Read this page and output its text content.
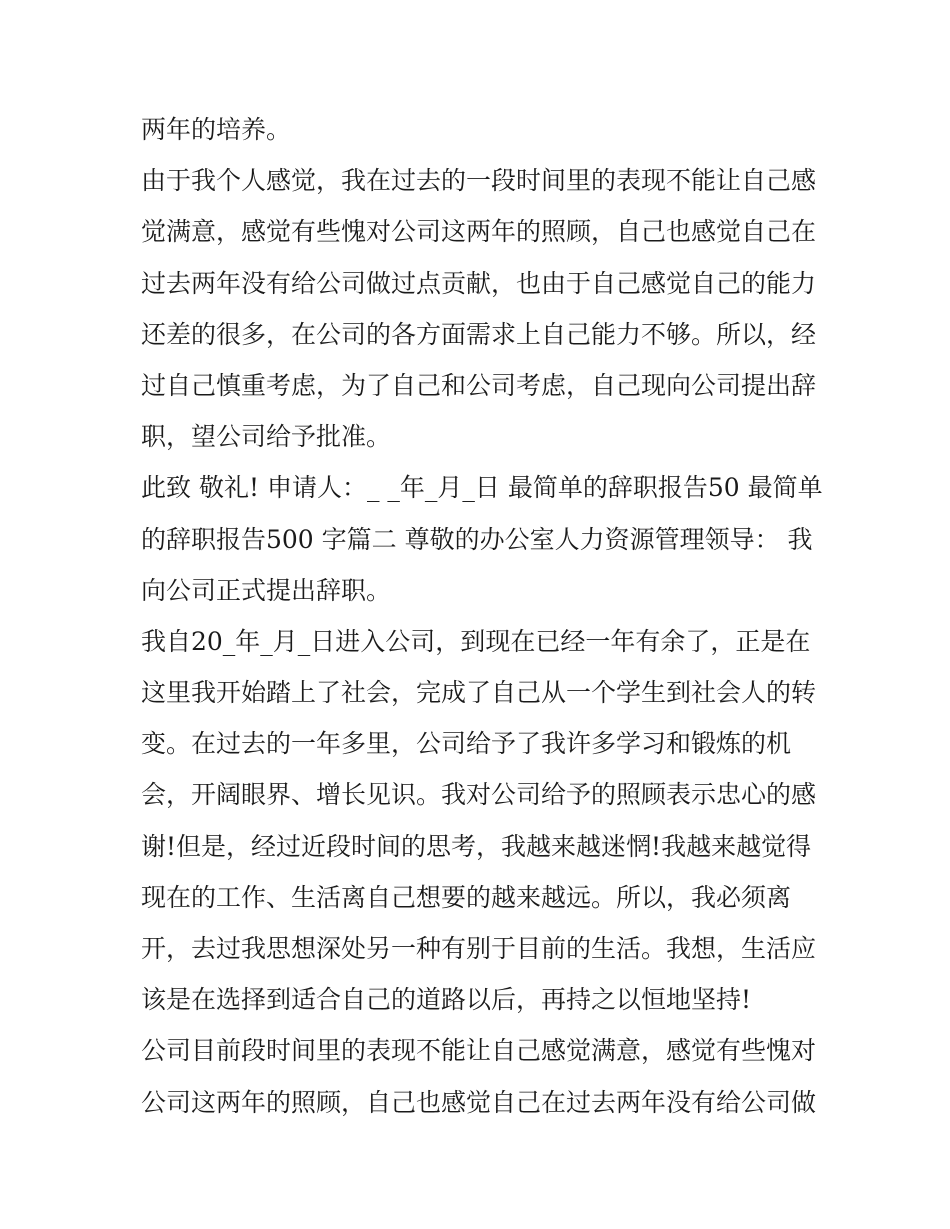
两年的培养。
由于我个人感觉，我在过去的一段时间里的表现不能让自己感
觉满意，感觉有些愧对公司这两年的照顾，自己也感觉自己在
过去两年没有给公司做过点贡献，也由于自己感觉自己的能力
还差的很多，在公司的各方面需求上自己能力不够。所以，经
过自己慎重考虑，为了自己和公司考虑，自己现向公司提出辞
职，望公司给予批准。
此致 敬礼! 申请人：_ _年_月_日 最简单的辞职报告50 最简单
的辞职报告500 字篇二 尊敬的办公室人力资源管理领导： 我
向公司正式提出辞职。
我自20_年_月_日进入公司，到现在已经一年有余了，正是在
这里我开始踏上了社会，完成了自己从一个学生到社会人的转
变。在过去的一年多里，公司给予了我许多学习和锻炼的机
会，开阔眼界、增长见识。我对公司给予的照顾表示忠心的感
谢!但是，经过近段时间的思考，我越来越迷惘!我越来越觉得
现在的工作、生活离自己想要的越来越远。所以，我必须离
开，去过我思想深处另一种有别于目前的生活。我想，生活应
该是在选择到适合自己的道路以后，再持之以恒地坚持!
公司目前段时间里的表现不能让自己感觉满意，感觉有些愧对
公司这两年的照顾，自己也感觉自己在过去两年没有给公司做
